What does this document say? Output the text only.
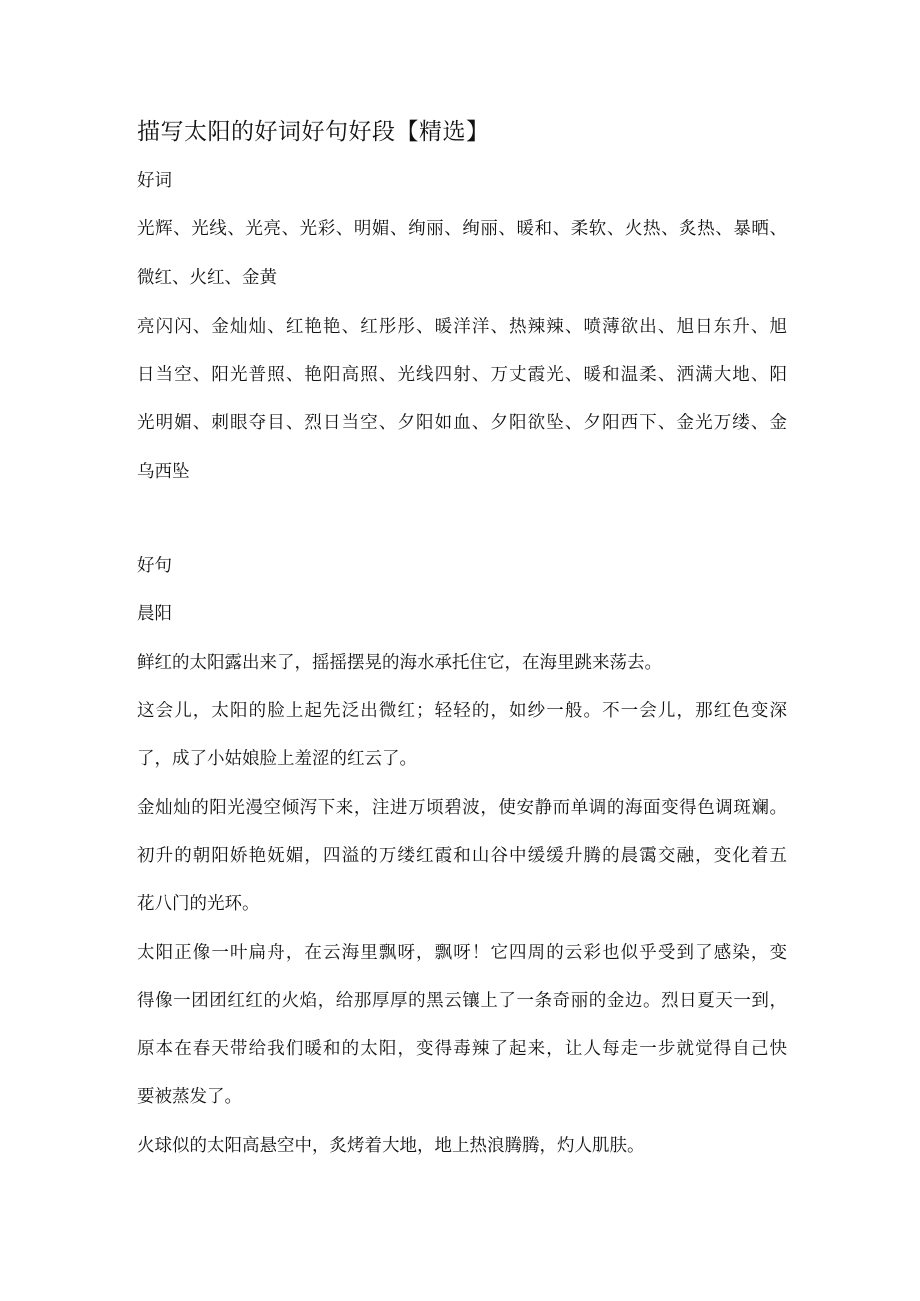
描写太阳的好词好句好段【精选】
好词
光辉、光线、光亮、光彩、明媚、绚丽、绚丽、暖和、柔软、火热、炙热、暴晒、
微红、火红、金黄
亮闪闪、金灿灿、红艳艳、红彤彤、暖洋洋、热辣辣、喷薄欲出、旭日东升、旭
日当空、阳光普照、艳阳高照、光线四射、万丈霞光、暖和温柔、洒满大地、阳
光明媚、刺眼夺目、烈日当空、夕阳如血、夕阳欲坠、夕阳西下、金光万缕、金
乌西坠
好句
晨阳
鲜红的太阳露出来了，摇摇摆晃的海水承托住它，在海里跳来荡去。
这会儿，太阳的脸上起先泛出微红；轻轻的，如纱一般。不一会儿，那红色变深
了，成了小姑娘脸上羞涩的红云了。
金灿灿的阳光漫空倾泻下来，注进万顷碧波，使安静而单调的海面变得色调斑斓。
初升的朝阳娇艳妩媚，四溢的万缕红霞和山谷中缓缓升腾的晨霭交融，变化着五
花八门的光环。
太阳正像一叶扁舟，在云海里飘呀，飘呀！它四周的云彩也似乎受到了感染，变
得像一团团红红的火焰，给那厚厚的黑云镶上了一条奇丽的金边。烈日夏天一到，
原本在春天带给我们暖和的太阳，变得毒辣了起来，让人每走一步就觉得自己快
要被蒸发了。
火球似的太阳高悬空中，炙烤着大地，地上热浪腾腾，灼人肌肤。
